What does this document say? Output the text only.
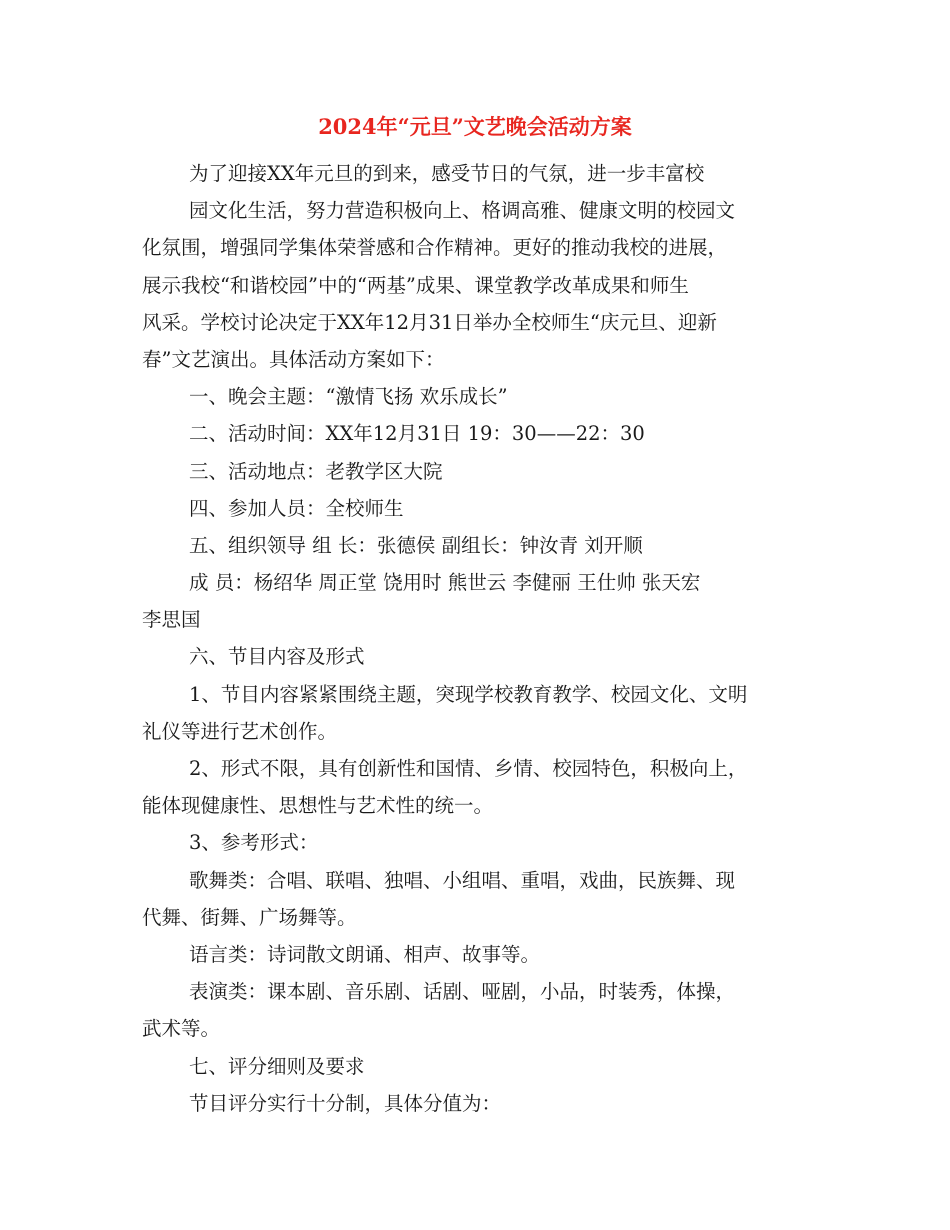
2024年“元旦”文艺晚会活动方案
为了迎接XX年元旦的到来，感受节日的气氛，进一步丰富校
园文化生活，努力营造积极向上、格调高雅、健康文明的校园文
化氛围，增强同学集体荣誉感和合作精神。更好的推动我校的进展，
展示我校“和谐校园”中的“两基”成果、课堂教学改革成果和师生
风采。学校讨论决定于XX年12月31日举办全校师生“庆元旦、迎新
春”文艺演出。具体活动方案如下：
一、晚会主题：“激情飞扬 欢乐成长”
二、活动时间：XX年12月31日 19：30——22：30
三、活动地点：老教学区大院
四、参加人员：全校师生
五、组织领导 组 长：张德侯 副组长：钟汝青 刘开顺
成 员：杨绍华 周正堂 饶用时 熊世云 李健丽 王仕帅 张天宏
李思国
六、节目内容及形式
1、节目内容紧紧围绕主题，突现学校教育教学、校园文化、文明
礼仪等进行艺术创作。
2、形式不限，具有创新性和国情、乡情、校园特色，积极向上，
能体现健康性、思想性与艺术性的统一。
3、参考形式：
歌舞类：合唱、联唱、独唱、小组唱、重唱，戏曲，民族舞、现
代舞、街舞、广场舞等。
语言类：诗词散文朗诵、相声、故事等。
表演类：课本剧、音乐剧、话剧、哑剧，小品，时装秀，体操，
武术等。
七、评分细则及要求
节目评分实行十分制，具体分值为：
